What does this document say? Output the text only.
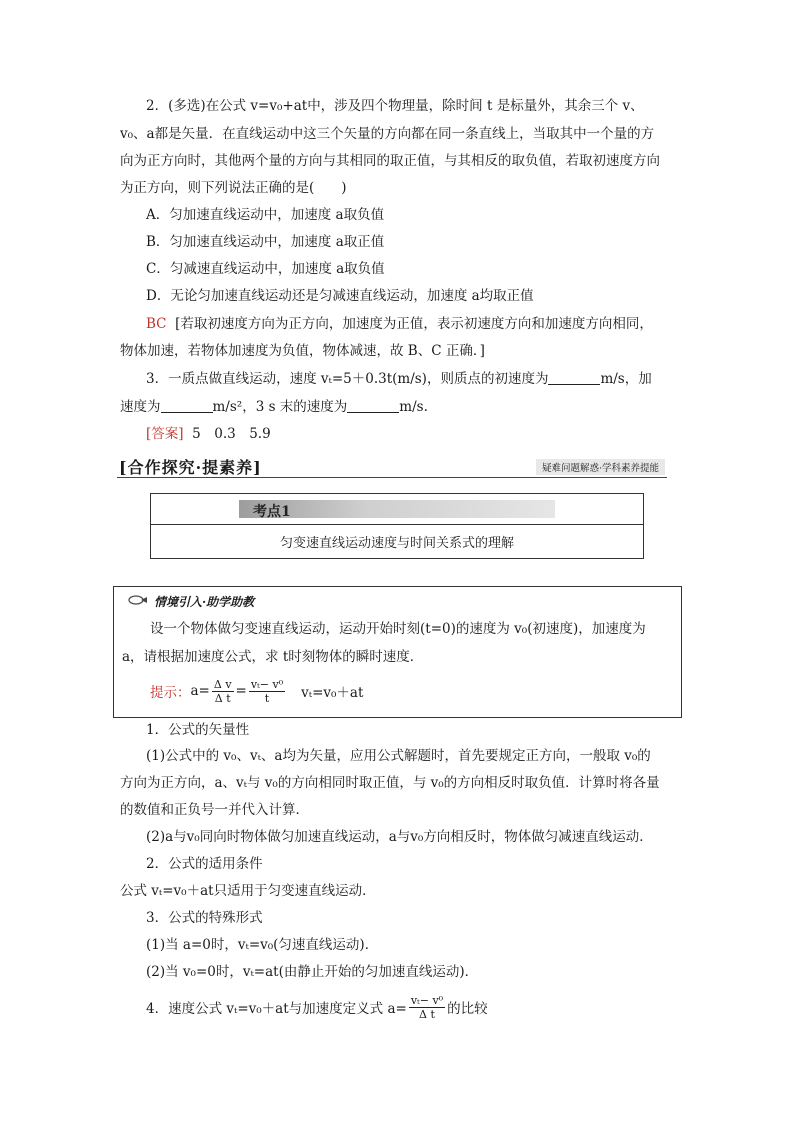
2．(多选)在公式 v=v₀+at中，涉及四个物理量，除时间 t 是标量外，其余三个 v、
v₀、a都是矢量．在直线运动中这三个矢量的方向都在同一条直线上，当取其中一个量的方
向为正方向时，其他两个量的方向与其相同的取正值，与其相反的取负值，若取初速度方向
为正方向，则下列说法正确的是(　　)
A．匀加速直线运动中，加速度 a取负值
B．匀加速直线运动中，加速度 a取正值
C．匀减速直线运动中，加速度 a取负值
D．无论匀加速直线运动还是匀减速直线运动，加速度 a均取正值
BC [若取初速度方向为正方向，加速度为正值，表示初速度方向和加速度方向相同，
物体加速，若物体加速度为负值，物体减速，故 B、C 正确．]
3．一质点做直线运动，速度 vₜ=5＋0.3t(m/s)，则质点的初速度为	m/s，加
速度为	m/s²，3 s 末的速度为	m/s.
[答案] 5　0.3　5.9
[合作探究·提素养]	疑难问题解惑·学科素养提能
考点1
匀变速直线运动速度与时间关系式的理解
情境引入·助学助教
设一个物体做匀变速直线运动，运动开始时刻(t=0)的速度为 v₀(初速度)，加速度为
a，请根据加速度公式，求 t时刻物体的瞬时速度．
提示： $a= \frac{\text{Δ v}}{\text{Δ t}} = \frac{\text{vₜ− v⁰}}{t} v_t=v_0+at$
1．公式的矢量性
(1)公式中的 v₀、vₜ、a均为矢量，应用公式解题时，首先要规定正方向，一般取 v₀的
方向为正方向，a、vₜ与 v₀的方向相同时取正值，与 v₀的方向相反时取负值．计算时将各量
的数值和正负号一并代入计算．
(2)a与v₀同向时物体做匀加速直线运动，a与v₀方向相反时，物体做匀减速直线运动．
2．公式的适用条件
公式 vₜ=v₀＋at只适用于匀变速直线运动．
3．公式的特殊形式
(1)当 a=0时，vₜ=v₀(匀速直线运动)．
(2)当 v₀=0时，vₜ=at(由静止开始的匀加速直线运动)．
4．速度公式 vₜ=v₀＋at与加速度定义式 $a= \frac{\text{vₜ− v⁰}}{\text{Δ t}}$ 的比较
